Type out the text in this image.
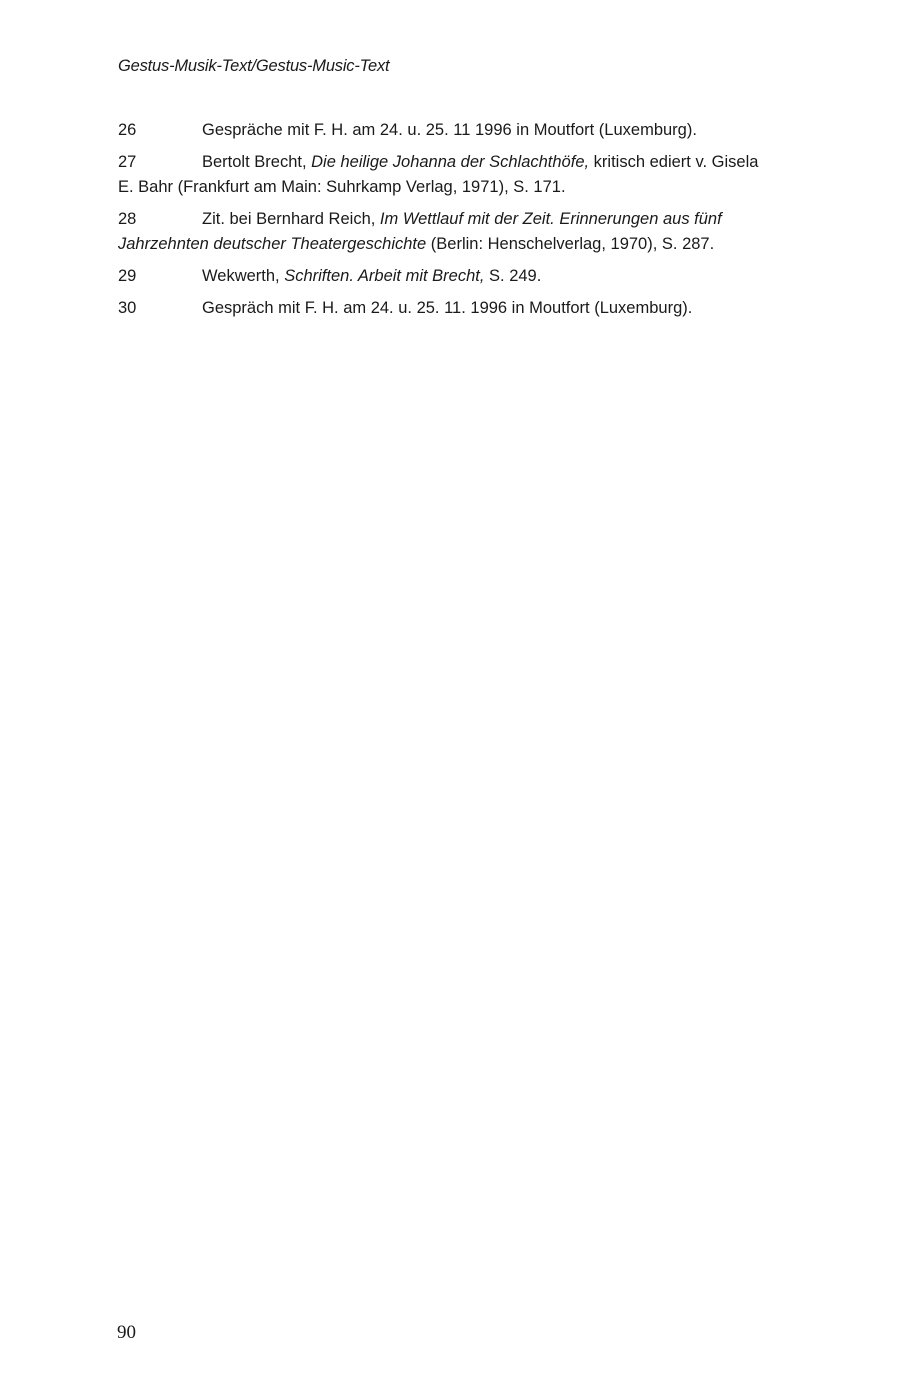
Gestus-Musik-Text/Gestus-Music-Text

26	Gespräche mit F. H. am 24. u. 25. 11 1996 in Moutfort (Luxemburg).

27	Bertolt Brecht, Die heilige Johanna der Schlachthöfe, kritisch ediert v. Gisela E. Bahr (Frankfurt am Main: Suhrkamp Verlag, 1971), S. 171.

28	Zit. bei Bernhard Reich, Im Wettlauf mit der Zeit. Erinnerungen aus fünf Jahrzehnten deutscher Theatergeschichte (Berlin: Henschelverlag, 1970), S. 287.

29	Wekwerth, Schriften. Arbeit mit Brecht, S. 249.

30	Gespräch mit F. H. am 24. u. 25. 11. 1996 in Moutfort (Luxemburg).

90
